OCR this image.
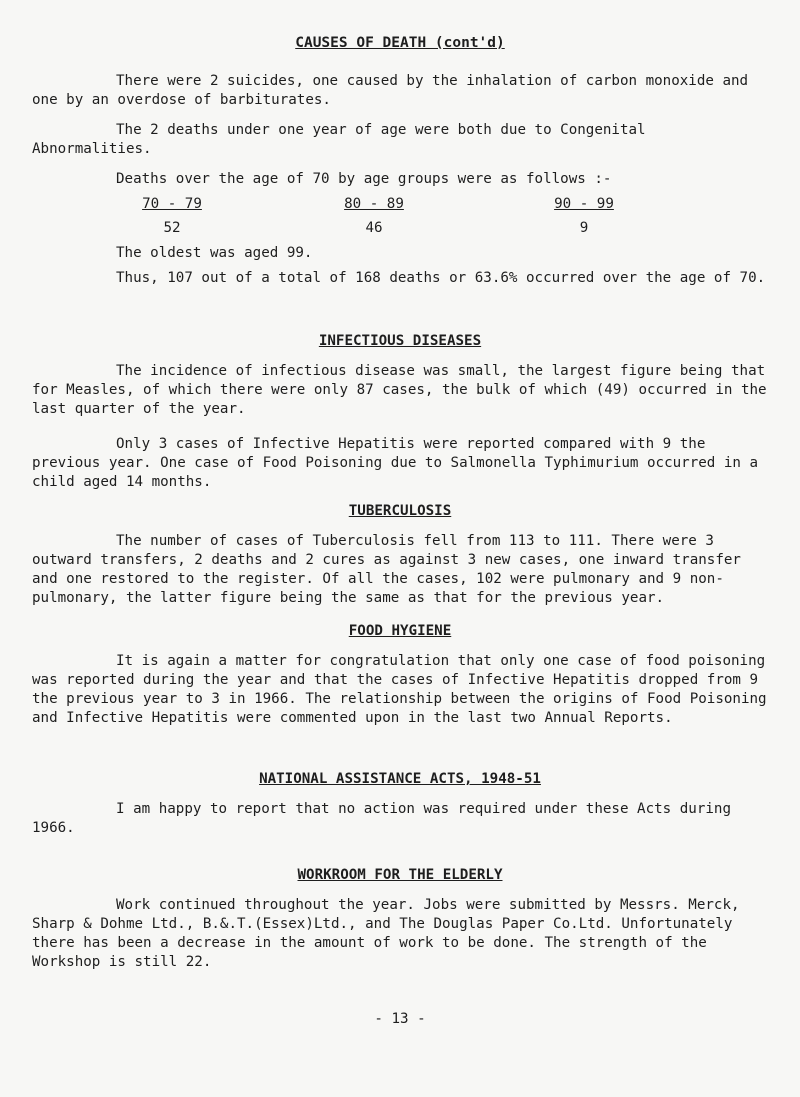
CAUSES OF DEATH (cont'd)

There were 2 suicides, one caused by the inhalation of carbon monoxide and one by an overdose of barbiturates.

The 2 deaths under one year of age were both due to Congenital Abnormalities.

Deaths over the age of 70 by age groups were as follows :-

70 - 79	80 - 89	90 - 99
52	46	9

The oldest was aged 99.

Thus, 107 out of a total of 168 deaths or 63.6% occurred over the age of 70.

INFECTIOUS DISEASES

The incidence of infectious disease was small, the largest figure being that for Measles, of which there were only 87 cases, the bulk of which (49) occurred in the last quarter of the year.

Only 3 cases of Infective Hepatitis were reported compared with 9 the previous year. One case of Food Poisoning due to Salmonella Typhimurium occurred in a child aged 14 months.

TUBERCULOSIS

The number of cases of Tuberculosis fell from 113 to 111. There were 3 outward transfers, 2 deaths and 2 cures as against 3 new cases, one inward transfer and one restored to the register. Of all the cases, 102 were pulmonary and 9 non-pulmonary, the latter figure being the same as that for the previous year.

FOOD HYGIENE

It is again a matter for congratulation that only one case of food poisoning was reported during the year and that the cases of Infective Hepatitis dropped from 9 the previous year to 3 in 1966. The relationship between the origins of Food Poisoning and Infective Hepatitis were commented upon in the last two Annual Reports.

NATIONAL ASSISTANCE ACTS, 1948-51

I am happy to report that no action was required under these Acts during 1966.

WORKROOM FOR THE ELDERLY

Work continued throughout the year. Jobs were submitted by Messrs. Merck, Sharp & Dohme Ltd., B.&.T.(Essex)Ltd., and The Douglas Paper Co.Ltd. Unfortunately there has been a decrease in the amount of work to be done. The strength of the Workshop is still 22.

- 13 -
